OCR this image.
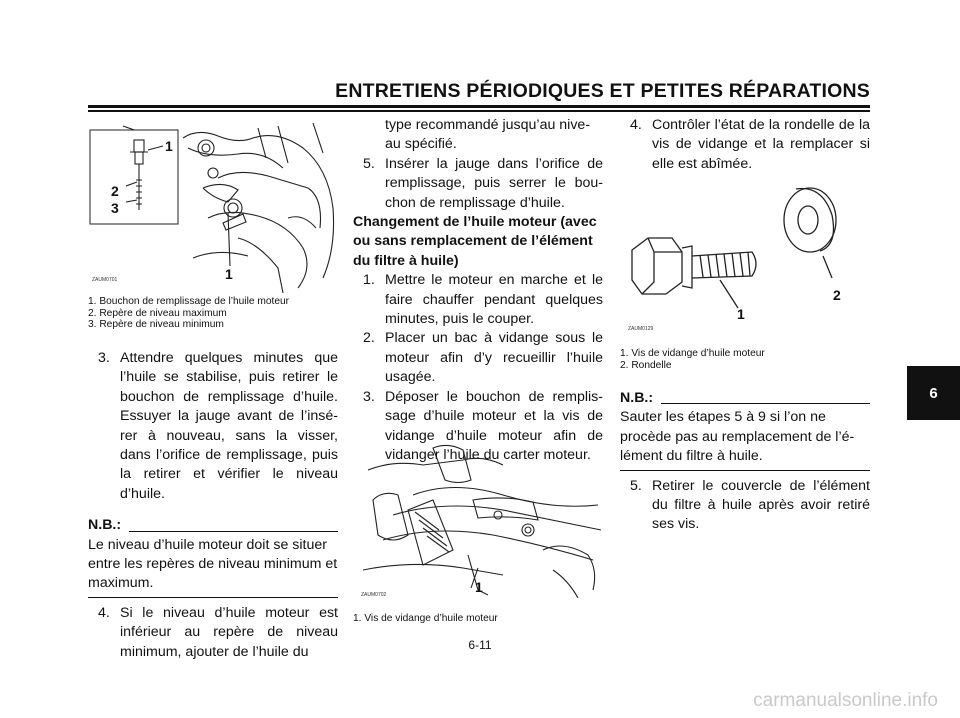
ENTRETIENS PÉRIODIQUES ET PETITES RÉPARATIONS
6
1
2
3
1
ZAUM0701
1. Bouchon de remplissage de l’huile moteur
2. Repère de niveau maximum
3. Repère de niveau minimum
3. Attendre quelques minutes que l’huile se stabilise, puis retirer le bouchon de remplissage d’huile. Essuyer la jauge avant de l’insé-rer à nouveau, sans la visser, dans l’orifice de remplissage, puis la retirer et vérifier le niveau d’huile.
N.B.:
Le niveau d’huile moteur doit se situer entre les repères de niveau minimum et maximum.
4. Si le niveau d’huile moteur est inférieur au repère de niveau minimum, ajouter de l’huile du
type recommandé jusqu’au nive-au spécifié.
5. Insérer la jauge dans l’orifice de remplissage, puis serrer le bou-chon de remplissage d’huile.
Changement de l’huile moteur (avec ou sans remplacement de l’élément du filtre à huile)
1. Mettre le moteur en marche et le faire chauffer pendant quelques minutes, puis le couper.
2. Placer un bac à vidange sous le moteur afin d’y recueillir l’huile usagée.
3. Déposer le bouchon de remplis-sage d’huile moteur et la vis de vidange d’huile moteur afin de vidanger l’huile du carter moteur.
1
ZAUM0702
1. Vis de vidange d’huile moteur
4. Contrôler l’état de la rondelle de la vis de vidange et la remplacer si elle est abîmée.
1
2
ZAUM0129
1. Vis de vidange d’huile moteur
2. Rondelle
N.B.:
Sauter les étapes 5 à 9 si l’on ne procède pas au remplacement de l’é-lément du filtre à huile.
5. Retirer le couvercle de l’élément du filtre à huile après avoir retiré ses vis.
6-11
carmanualsonline.info
